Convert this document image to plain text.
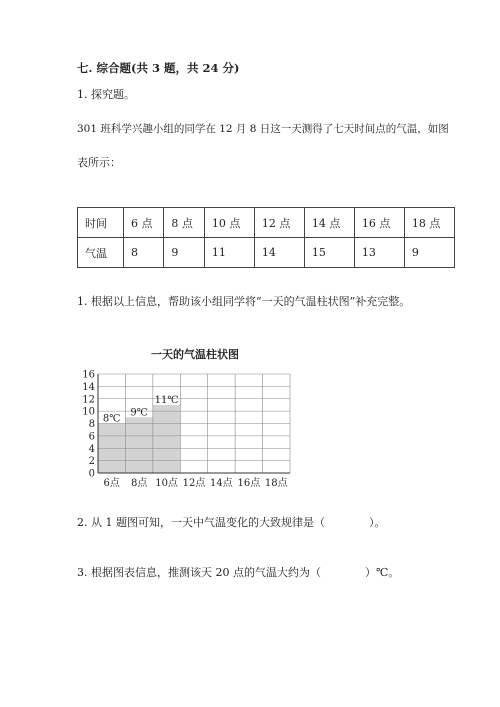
七. 综合题(共 3 题，共 24 分)
1. 探究题。
301 班科学兴趣小组的同学在 12 月 8 日这一天测得了七天时间点的气温，如图
表所示：
时间	6 点	8 点	10 点	12 点	14 点	16 点	18 点
气温	8	9	11	14	15	13	9
1. 根据以上信息，帮助该小组同学将“一天的气温柱状图”补充完整。
一天的气温柱状图
0
2
4
6
8
10
12
14
16
6点 8点 10点 12点 14点 16点 18点
8℃
9℃
11℃
2. 从 1 题图可知，一天中气温变化的大致规律是（　　　　）。
3. 根据图表信息，推测该天 20 点的气温大约为（　　　　）℃。
